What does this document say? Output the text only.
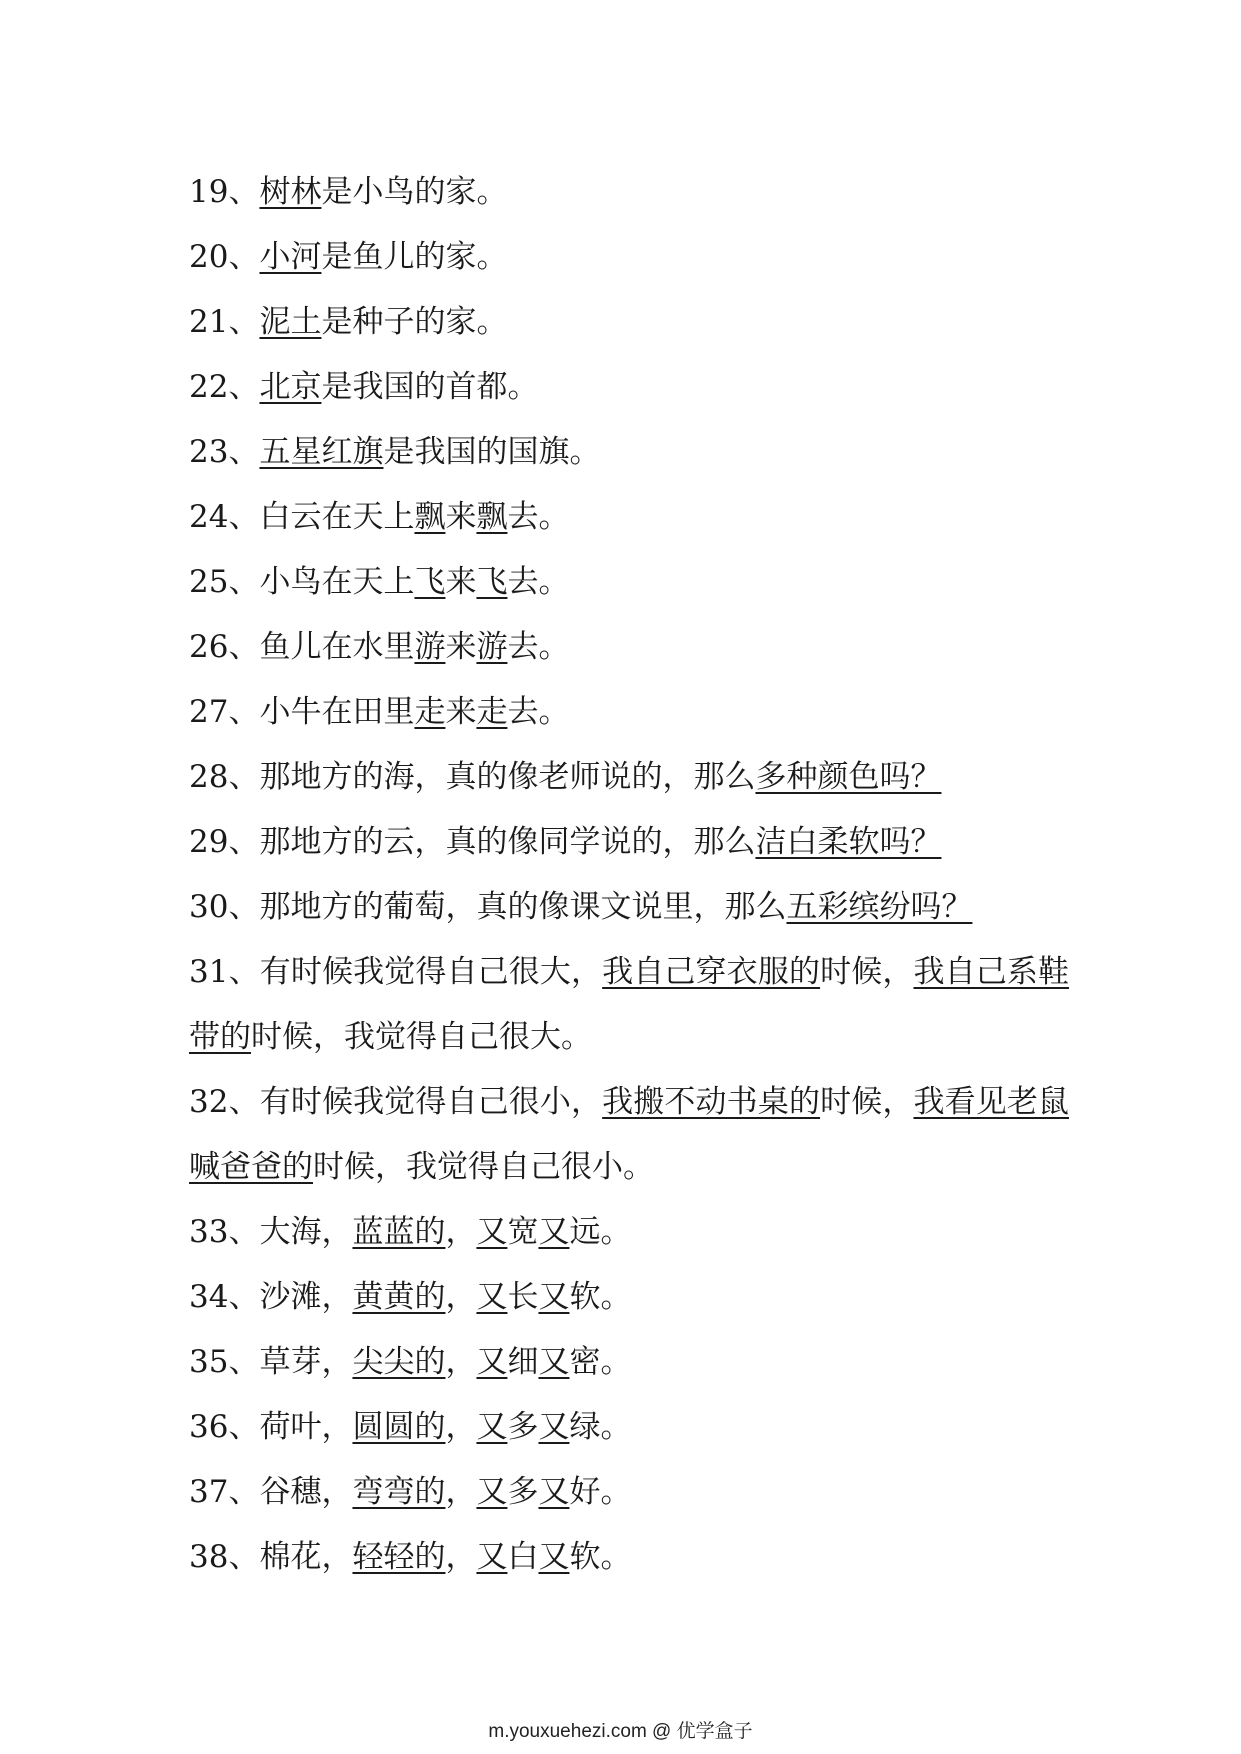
19、树林是小鸟的家。
20、小河是鱼儿的家。
21、泥土是种子的家。
22、北京是我国的首都。
23、五星红旗是我国的国旗。
24、白云在天上飘来飘去。
25、小鸟在天上飞来飞去。
26、鱼儿在水里游来游去。
27、小牛在田里走来走去。
28、那地方的海，真的像老师说的，那么多种颜色吗？
29、那地方的云，真的像同学说的，那么洁白柔软吗？
30、那地方的葡萄，真的像课文说里，那么五彩缤纷吗？
31、有时候我觉得自己很大，我自己穿衣服的时候，我自己系鞋带的时候，我觉得自己很大。
32、有时候我觉得自己很小，我搬不动书桌的时候，我看见老鼠喊爸爸的时候，我觉得自己很小。
33、大海，蓝蓝的，又宽又远。
34、沙滩，黄黄的，又长又软。
35、草芽，尖尖的，又细又密。
36、荷叶，圆圆的，又多又绿。
37、谷穗，弯弯的，又多又好。
38、棉花，轻轻的，又白又软。
m.youxuehezi.com @ 优学盒子
